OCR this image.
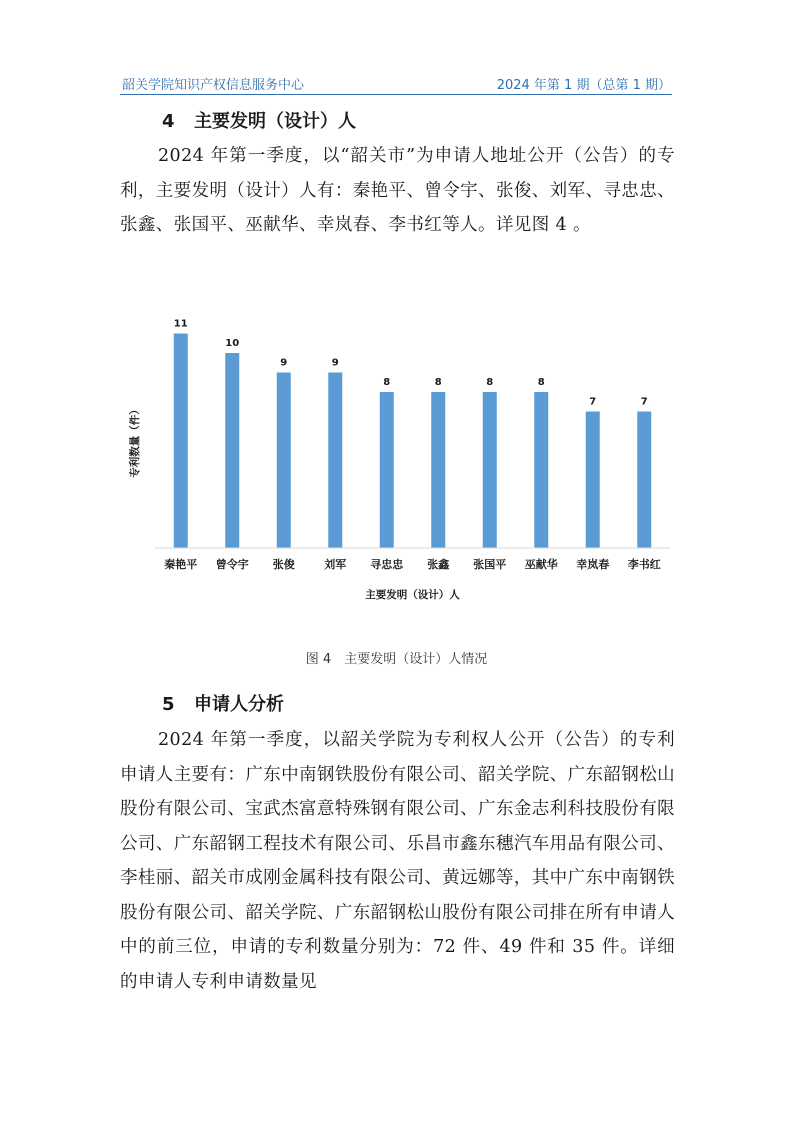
韶关学院知识产权信息服务中心	2024 年第 1 期（总第 1 期）
4 主要发明（设计）人
2024 年第一季度，以“韶关市”为申请人地址公开（公告）的专利，主要发明（设计）人有：秦艳平、曾令宇、张俊、刘军、寻忠忠、张鑫、张国平、巫献华、幸岚春、李书红等人。详见图 4 。
11
秦艳平
10
曾令宇
9
张俊
9
刘军
8
寻忠忠
8
张鑫
8
张国平
8
巫献华
7
幸岚春
7
李书红
专利数量（件）
主要发明（设计）人
图 4　主要发明（设计）人情况
5 申请人分析
2024 年第一季度，以韶关学院为专利权人公开（公告）的专利申请人主要有：广东中南钢铁股份有限公司、韶关学院、广东韶钢松山股份有限公司、宝武杰富意特殊钢有限公司、广东金志利科技股份有限公司、广东韶钢工程技术有限公司、乐昌市鑫东穗汽车用品有限公司、李桂丽、韶关市成刚金属科技有限公司、黄远娜等，其中广东中南钢铁股份有限公司、韶关学院、广东韶钢松山股份有限公司排在所有申请人中的前三位，申请的专利数量分别为：72 件、49 件和 35 件。详细的申请人专利申请数量见
